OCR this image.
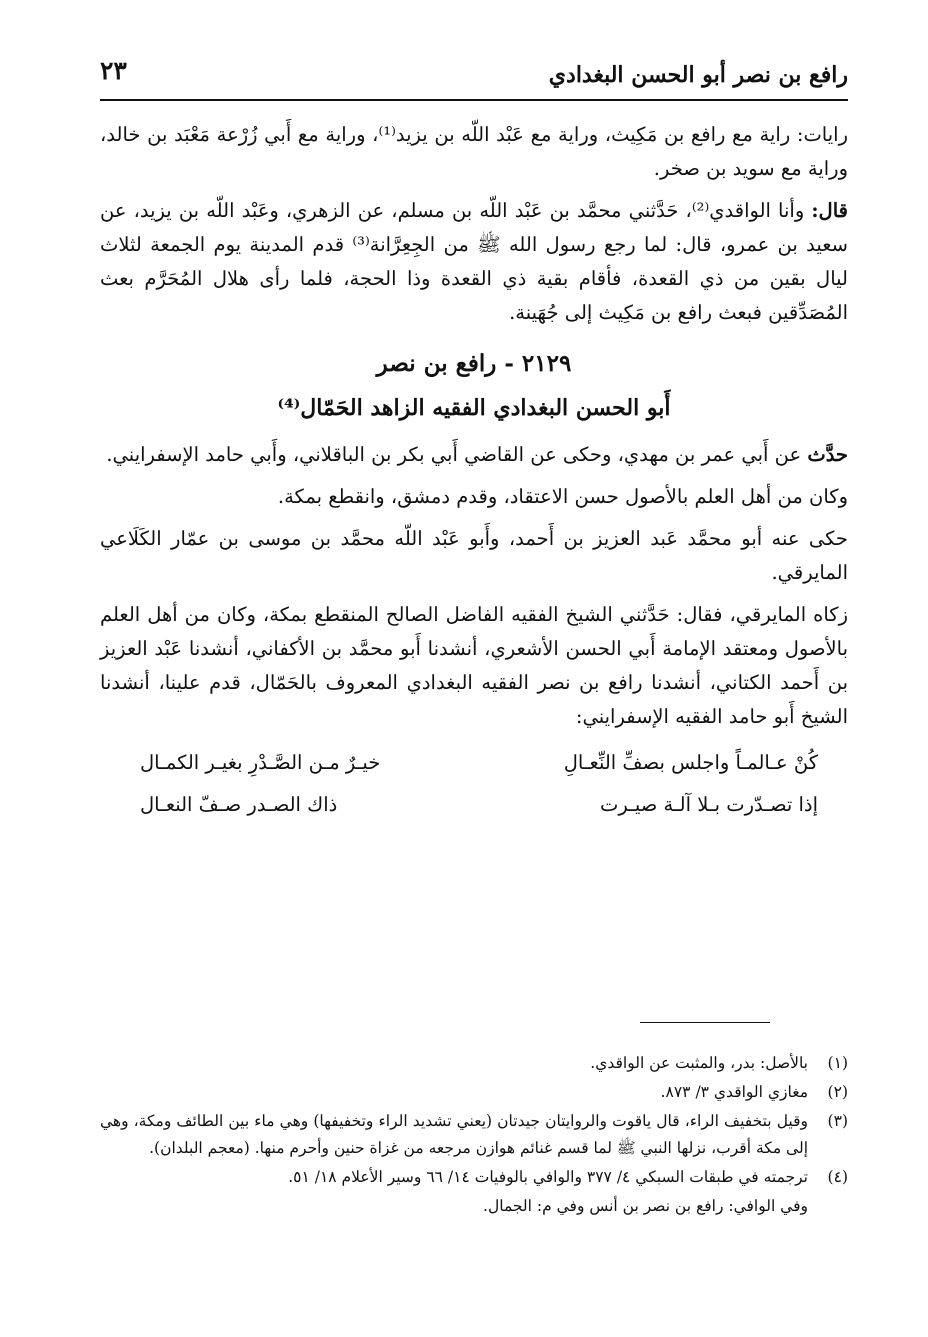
رافع بن نصر أبو الحسن البغدادي
٢٣

رايات: راية مع رافع بن مَكِيث، وراية مع عَبْد اللّه بن يزيد⁽¹⁾، وراية مع أَبي زُرْعة مَعْبَد بن خالد، وراية مع سويد بن صخر.

قال: وأنا الواقدي⁽²⁾، حَدَّثني محمَّد بن عَبْد اللّه بن مسلم، عن الزهري، وعَبْد اللّه بن يزيد، عن سعيد بن عمرو، قال: لما رجع رسول الله ﷺ من الجِعِرَّانة⁽³⁾ قدم المدينة يوم الجمعة لثلاث ليال بقين من ذي القعدة، فأقام بقية ذي القعدة وذا الحجة، فلما رأى هلال المُحَرَّم بعث المُصَدِّقين فبعث رافع بن مَكِيث إلى جُهَينة.

٢١٢٩ - رافع بن نصر
أَبو الحسن البغدادي الفقيه الزاهد الحَمّال⁽⁴⁾

حدَّث عن أَبي عمر بن مهدي، وحكى عن القاضي أَبي بكر بن الباقلاني، وأَبي حامد الإسفرايني.

وكان من أهل العلم بالأصول حسن الاعتقاد، وقدم دمشق، وانقطع بمكة.

حكى عنه أبو محمَّد عَبد العزيز بن أَحمد، وأَبو عَبْد اللّه محمَّد بن موسى بن عمّار الكَلَاعي المايرقي.

زكاه المايرقي، فقال: حَدَّثني الشيخ الفقيه الفاضل الصالح المنقطع بمكة، وكان من أهل العلم بالأصول ومعتقد الإمامة أَبي الحسن الأشعري، أنشدنا أَبو محمَّد بن الأكفاني، أنشدنا عَبْد العزيز بن أَحمد الكتاني، أنشدنا رافع بن نصر الفقيه البغدادي المعروف بالحَمّال، قدم علينا، أنشدنا الشيخ أَبو حامد الفقيه الإسفرايني:

كُنْ عـالمـاً واجلس بصفِّ النِّعـالِ
خيـرٌ مـن الصَّـدْرِ بغيـر الكمـال
إذا تصـدّرت بـلا آلـة صيـرت
ذاك الصـدر صـفّ النعـال
(١)
بالأصل: بدر، والمثبت عن الواقدي.
(٢)
مغازي الواقدي ٣/ ٨٧٣.
(٣)
وقيل بتخفيف الراء، قال ياقوت والروايتان جيدتان (يعني تشديد الراء وتخفيفها) وهي ماء بين الطائف ومكة، وهي إلى مكة أقرب، نزلها النبي ﷺ لما قسم غنائم هوازن مرجعه من غزاة حنين وأحرم منها. (معجم البلدان).
(٤)
ترجمته في طبقات السبكي ٤/ ٣٧٧ والوافي بالوفيات ١٤/ ٦٦ وسير الأعلام ١٨/ ٥١.
وفي الوافي: رافع بن نصر بن أنس وفي م: الجمال.
